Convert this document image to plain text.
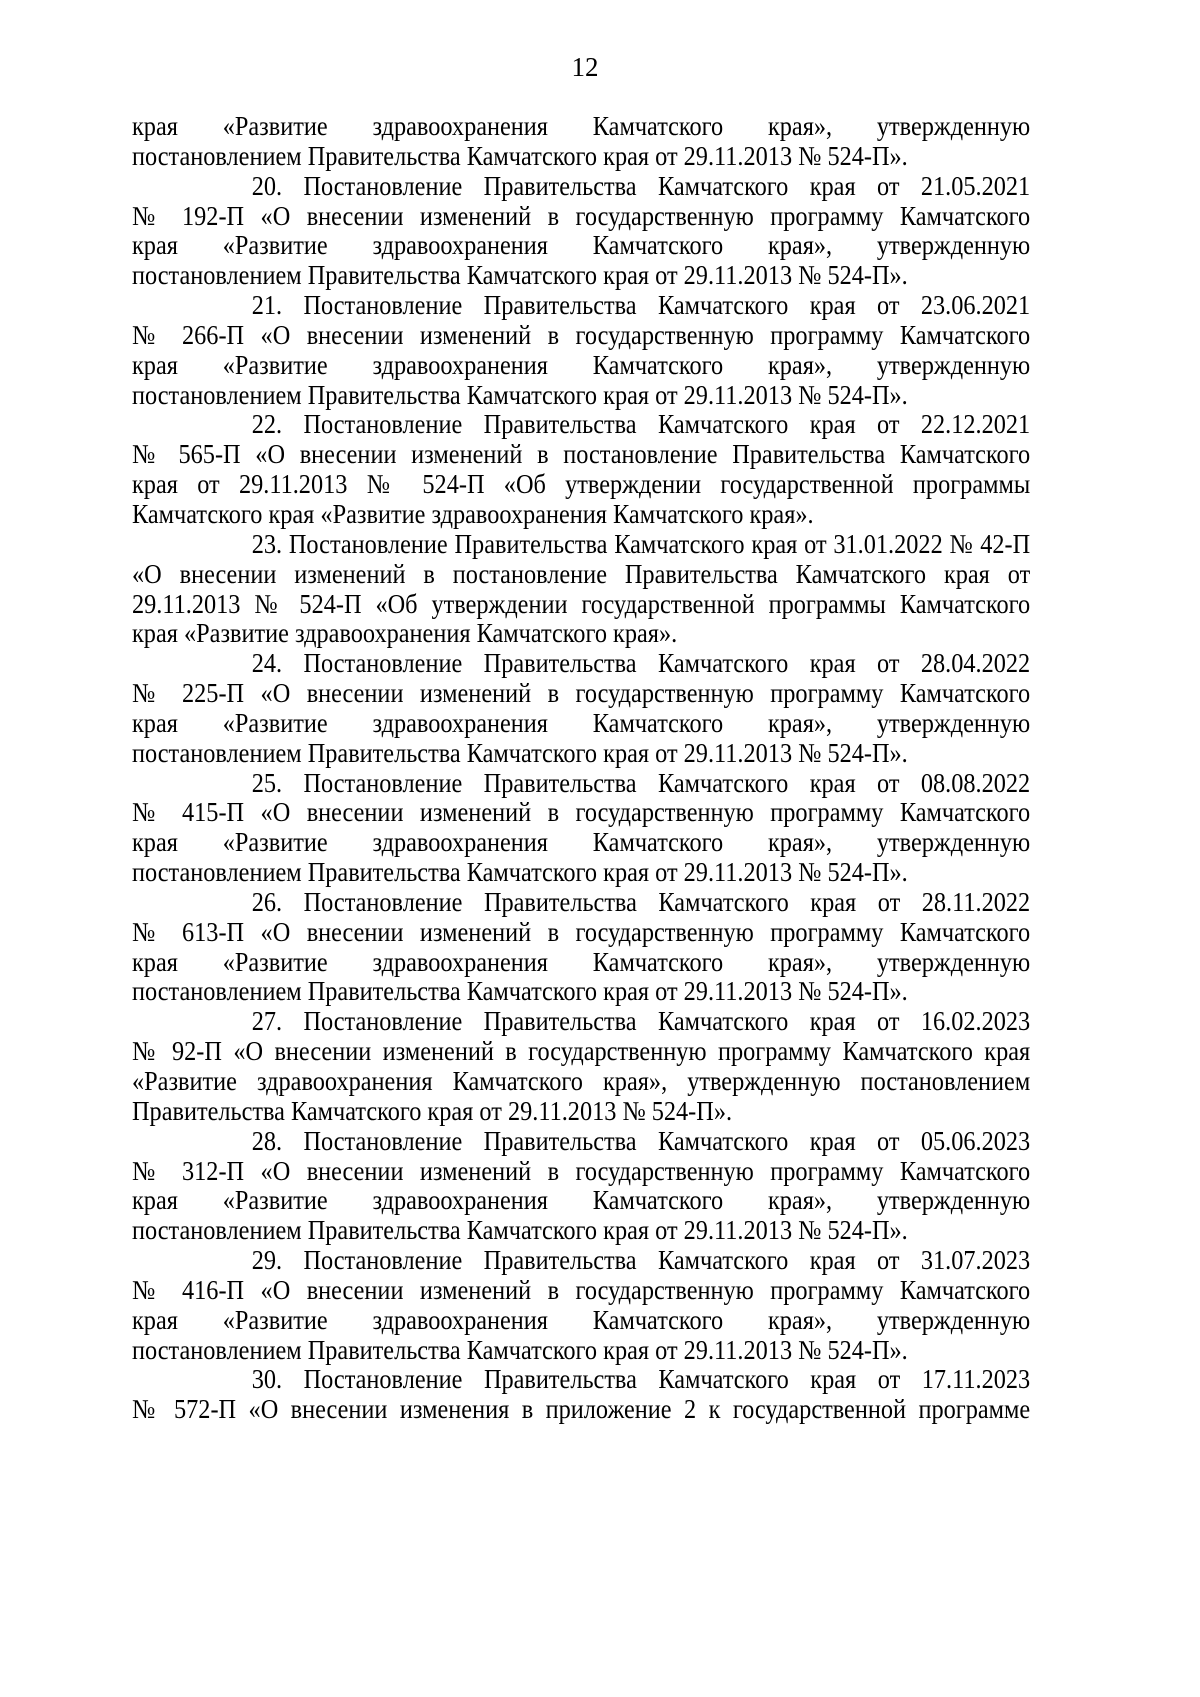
12
края «Развитие здравоохранения Камчатского края», утвержденную
постановлением Правительства Камчатского края от 29.11.2013 № 524-П».
20. Постановление Правительства Камчатского края от 21.05.2021
№ 192-П «О внесении изменений в государственную программу Камчатского
края «Развитие здравоохранения Камчатского края», утвержденную
постановлением Правительства Камчатского края от 29.11.2013 № 524-П».
21. Постановление Правительства Камчатского края от 23.06.2021
№ 266-П «О внесении изменений в государственную программу Камчатского
края «Развитие здравоохранения Камчатского края», утвержденную
постановлением Правительства Камчатского края от 29.11.2013 № 524-П».
22. Постановление Правительства Камчатского края от 22.12.2021
№ 565-П «О внесении изменений в постановление Правительства Камчатского
края от 29.11.2013 № 524-П «Об утверждении государственной программы
Камчатского края «Развитие здравоохранения Камчатского края».
23. Постановление Правительства Камчатского края от 31.01.2022 № 42-П
«О внесении изменений в постановление Правительства Камчатского края от
29.11.2013 № 524-П «Об утверждении государственной программы Камчатского
края «Развитие здравоохранения Камчатского края».
24. Постановление Правительства Камчатского края от 28.04.2022
№ 225-П «О внесении изменений в государственную программу Камчатского
края «Развитие здравоохранения Камчатского края», утвержденную
постановлением Правительства Камчатского края от 29.11.2013 № 524-П».
25. Постановление Правительства Камчатского края от 08.08.2022
№ 415-П «О внесении изменений в государственную программу Камчатского
края «Развитие здравоохранения Камчатского края», утвержденную
постановлением Правительства Камчатского края от 29.11.2013 № 524-П».
26. Постановление Правительства Камчатского края от 28.11.2022
№ 613-П «О внесении изменений в государственную программу Камчатского
края «Развитие здравоохранения Камчатского края», утвержденную
постановлением Правительства Камчатского края от 29.11.2013 № 524-П».
27. Постановление Правительства Камчатского края от 16.02.2023
№ 92-П «О внесении изменений в государственную программу Камчатского края
«Развитие здравоохранения Камчатского края», утвержденную постановлением
Правительства Камчатского края от 29.11.2013 № 524-П».
28. Постановление Правительства Камчатского края от 05.06.2023
№ 312-П «О внесении изменений в государственную программу Камчатского
края «Развитие здравоохранения Камчатского края», утвержденную
постановлением Правительства Камчатского края от 29.11.2013 № 524-П».
29. Постановление Правительства Камчатского края от 31.07.2023
№ 416-П «О внесении изменений в государственную программу Камчатского
края «Развитие здравоохранения Камчатского края», утвержденную
постановлением Правительства Камчатского края от 29.11.2013 № 524-П».
30. Постановление Правительства Камчатского края от 17.11.2023
№ 572-П «О внесении изменения в приложение 2 к государственной программе
